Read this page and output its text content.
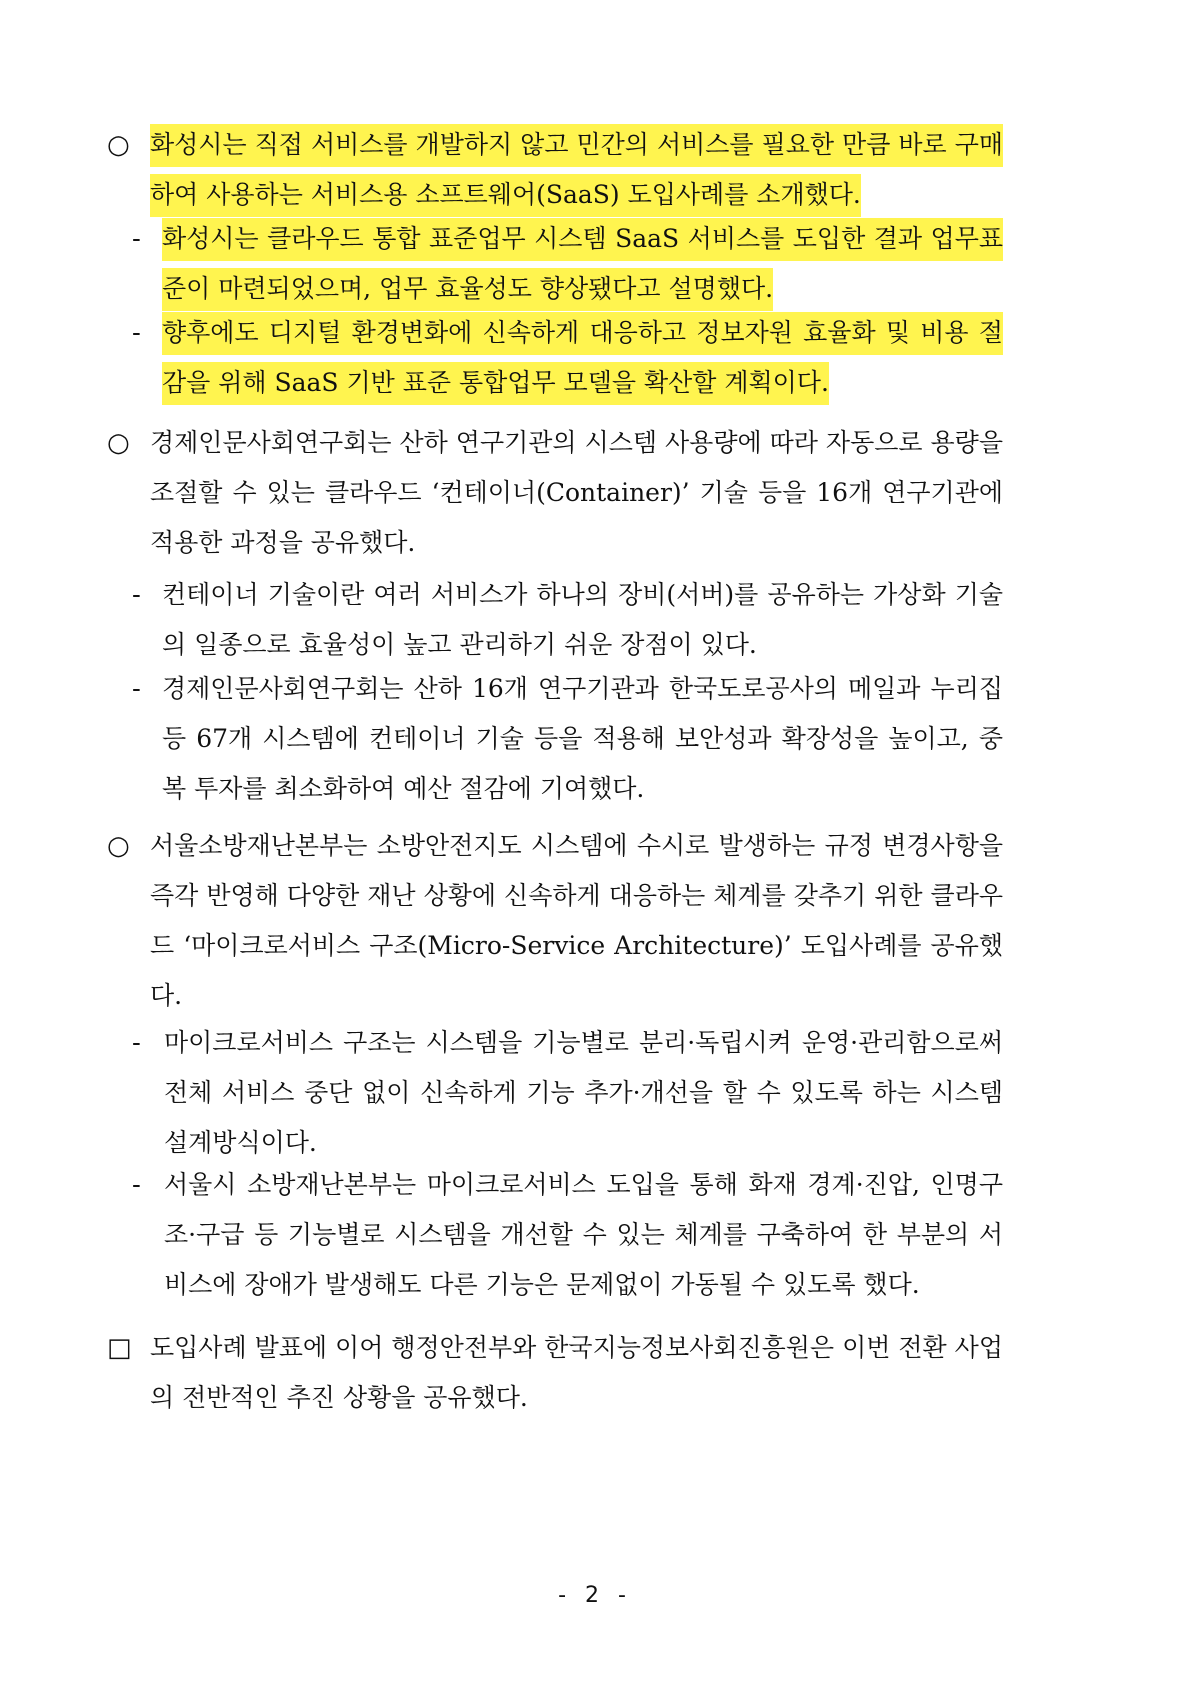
○ 화성시는 직접 서비스를 개발하지 않고 민간의 서비스를 필요한 만큼 바로 구매하여 사용하는 서비스용 소프트웨어(SaaS) 도입사례를 소개했다.
- 화성시는 클라우드 통합 표준업무 시스템 SaaS 서비스를 도입한 결과 업무표준이 마련되었으며, 업무 효율성도 향상됐다고 설명했다.
- 향후에도 디지털 환경변화에 신속하게 대응하고 정보자원 효율화 및 비용 절감을 위해 SaaS 기반 표준 통합업무 모델을 확산할 계획이다.
○ 경제인문사회연구회는 산하 연구기관의 시스템 사용량에 따라 자동으로 용량을 조절할 수 있는 클라우드 ‘컨테이너(Container)’ 기술 등을 16개 연구기관에 적용한 과정을 공유했다.
- 컨테이너 기술이란 여러 서비스가 하나의 장비(서버)를 공유하는 가상화 기술의 일종으로 효율성이 높고 관리하기 쉬운 장점이 있다.
- 경제인문사회연구회는 산하 16개 연구기관과 한국도로공사의 메일과 누리집 등 67개 시스템에 컨테이너 기술 등을 적용해 보안성과 확장성을 높이고, 중복 투자를 최소화하여 예산 절감에 기여했다.
○ 서울소방재난본부는 소방안전지도 시스템에 수시로 발생하는 규정 변경사항을 즉각 반영해 다양한 재난 상황에 신속하게 대응하는 체계를 갖추기 위한 클라우드 ‘마이크로서비스 구조(Micro-Service Architecture)’ 도입사례를 공유했다.
- 마이크로서비스 구조는 시스템을 기능별로 분리·독립시켜 운영·관리함으로써 전체 서비스 중단 없이 신속하게 기능 추가·개선을 할 수 있도록 하는 시스템 설계방식이다.
- 서울시 소방재난본부는 마이크로서비스 도입을 통해 화재 경계·진압, 인명구조·구급 등 기능별로 시스템을 개선할 수 있는 체계를 구축하여 한 부분의 서비스에 장애가 발생해도 다른 기능은 문제없이 가동될 수 있도록 했다.
□ 도입사례 발표에 이어 행정안전부와 한국지능정보사회진흥원은 이번 전환 사업의 전반적인 추진 상황을 공유했다.
- 2 -
